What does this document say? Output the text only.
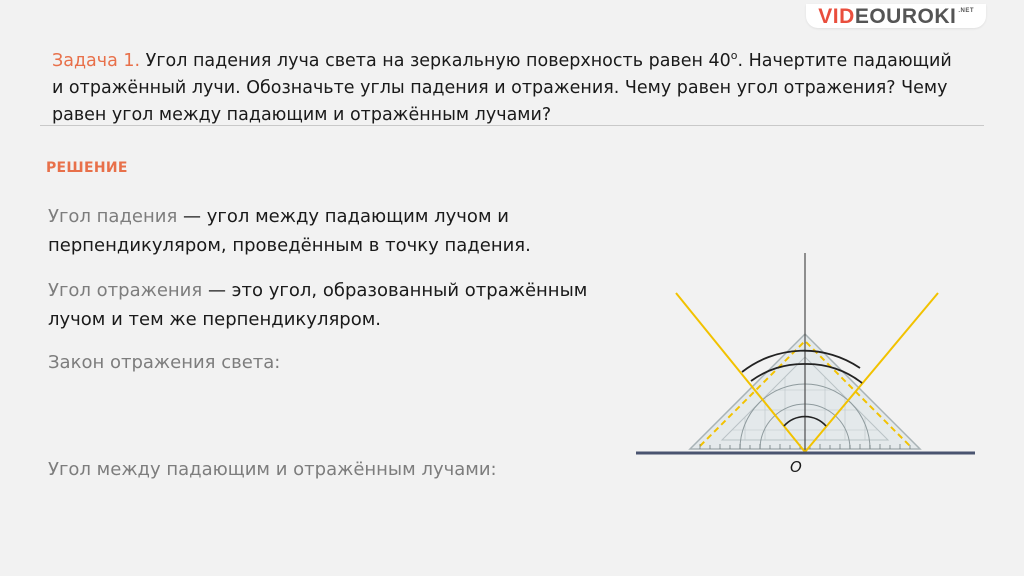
VIDEOUROKI $^{.NET}$
Задача 1. Угол падения луча света на зеркальную поверхность равен 40$^o$. Начертите падающий и отражённый лучи. Обозначьте углы падения и отражения. Чему равен угол отражения? Чему равен угол между падающим и отражённым лучами?
РЕШЕНИЕ
Угол падения — угол между падающим лучом и перпендикуляром, проведённым в точку падения.
Угол отражения — это угол, образованный отражённым лучом и тем же перпендикуляром.
Закон отражения света:
Угол между падающим и отражённым лучами:	O
